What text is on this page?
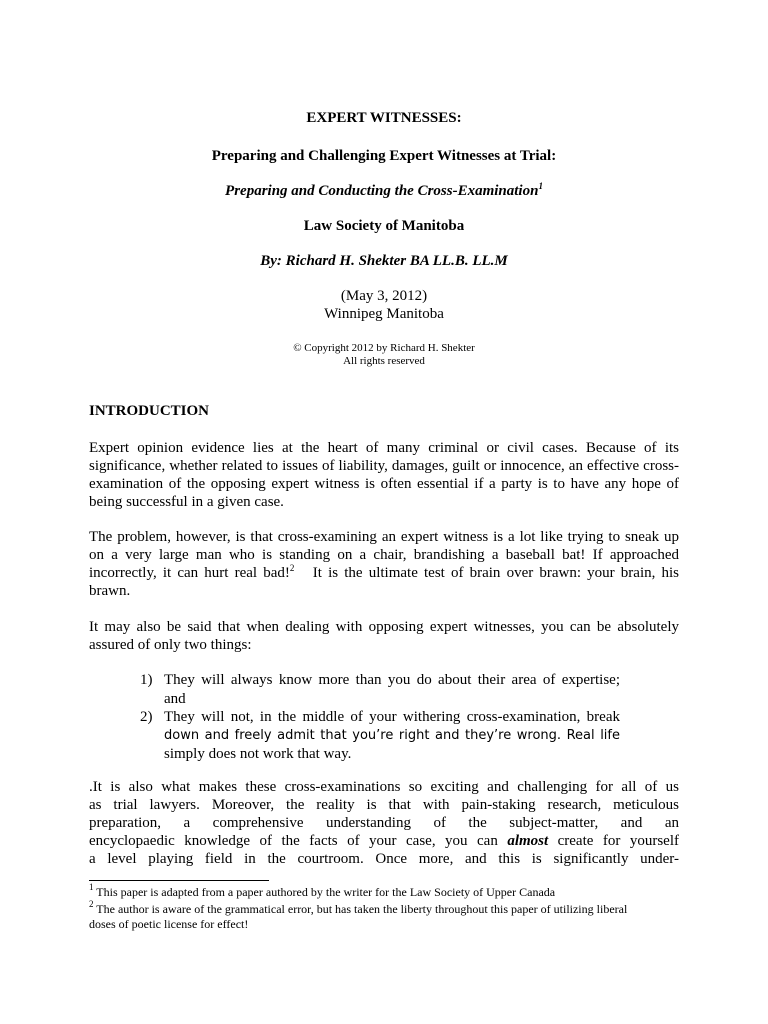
EXPERT WITNESSES:
Preparing and Challenging Expert Witnesses at Trial:
Preparing and Conducting the Cross-Examination$^1$
Law Society of Manitoba
By: Richard H. Shekter BA LL.B. LL.M
(May 3, 2012)
Winnipeg Manitoba
© Copyright 2012 by Richard H. Shekter
All rights reserved
INTRODUCTION
Expert opinion evidence lies at the heart of many criminal or civil cases. Because of its
significance, whether related to issues of liability, damages, guilt or innocence, an effective cross-
examination of the opposing expert witness is often essential if a party is to have any hope of
being successful in a given case.
The problem, however, is that cross-examining an expert witness is a lot like trying to sneak up
on a very large man who is standing on a chair, brandishing a baseball bat! If approached
incorrectly, it can hurt real bad!$^2$   It is the ultimate test of brain over brawn: your brain, his
brawn.
It may also be said that when dealing with opposing expert witnesses, you can be absolutely
assured of only two things:
1) They will always know more than you do about their area of expertise;
and
2) They will not, in the middle of your withering cross-examination, break
down and freely admit that you’re right and they’re wrong. Real life
simply does not work that way.
.It is also what makes these cross-examinations so exciting and challenging for all of us
as trial lawyers. Moreover, the reality is that with pain-staking research, meticulous
preparation, a comprehensive understanding of the subject-matter, and an
encyclopaedic knowledge of the facts of your case, you can almost create for yourself
a level playing field in the courtroom. Once more, and this is significantly under-
$^1$ This paper is adapted from a paper authored by the writer for the Law Society of Upper Canada
$^2$ The author is aware of the grammatical error, but has taken the liberty throughout this paper of utilizing liberal
doses of poetic license for effect!
